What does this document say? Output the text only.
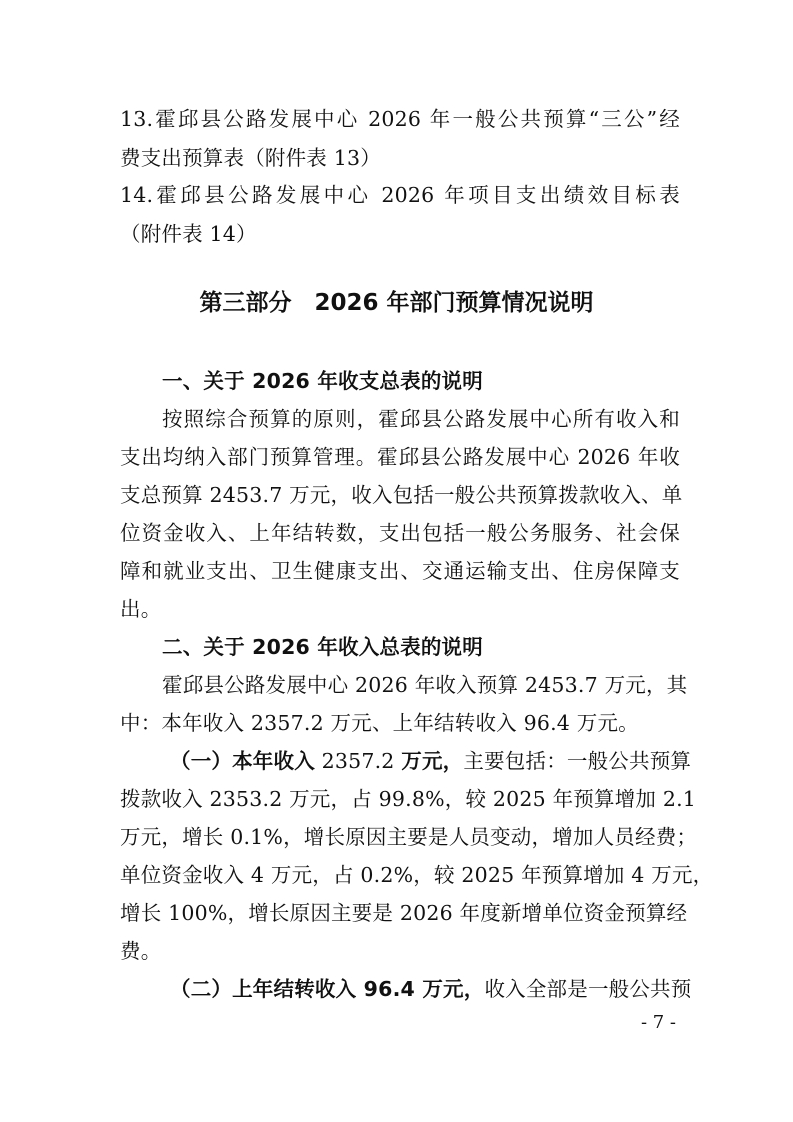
13.霍邱县公路发展中心 2026 年一般公共预算“三公”经
费支出预算表（附件表 13）
14.霍邱县公路发展中心 2026 年项目支出绩效目标表
（附件表 14）
第三部分　2026 年部门预算情况说明
一、关于 2026 年收支总表的说明
按照综合预算的原则，霍邱县公路发展中心所有收入和
支出均纳入部门预算管理。霍邱县公路发展中心 2026 年收
支总预算 2453.7 万元，收入包括一般公共预算拨款收入、单
位资金收入、上年结转数，支出包括一般公务服务、社会保
障和就业支出、卫生健康支出、交通运输支出、住房保障支
出。
二、关于 2026 年收入总表的说明
霍邱县公路发展中心 2026 年收入预算 2453.7 万元，其
中：本年收入 2357.2 万元、上年结转收入 96.4 万元。
（一）本年收入 2357.2 万元，主要包括：一般公共预算
拨款收入 2353.2 万元，占 99.8%，较 2025 年预算增加 2.1
万元，增长 0.1%，增长原因主要是人员变动，增加人员经费；
单位资金收入 4 万元，占 0.2%，较 2025 年预算增加 4 万元，
增长 100%，增长原因主要是 2026 年度新增单位资金预算经
费。
（二）上年结转收入 96.4 万元，收入全部是一般公共预
- 7 -
